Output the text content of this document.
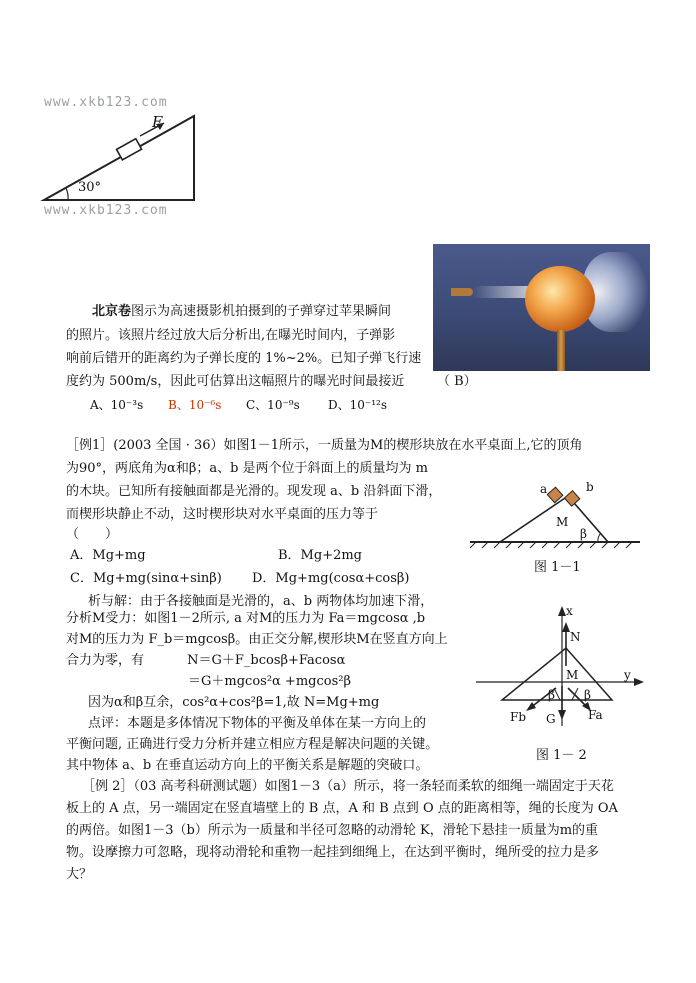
www.xkb123.com
F
30°
www.xkb123.com
北京卷图示为高速摄影机拍摄到的子弹穿过苹果瞬间
的照片。该照片经过放大后分析出,在曝光时间内，子弹影
响前后错开的距离约为子弹长度的 1%~2%。已知子弹飞行速
度约为 500m/s，因此可估算出这幅照片的曝光时间最接近	（ B）
A、10⁻³s B、10⁻⁶s C、10⁻⁹s D、10⁻¹²s
［例1］(2003 全国 · 36）如图1－1所示，一质量为M的楔形块放在水平桌面上,它的顶角
为90°，两底角为α和β；a、b 是两个位于斜面上的质量均为 m
的木块。已知所有接触面都是光滑的。现发现 a、b 沿斜面下滑，
而楔形块静止不动，这时楔形块对水平桌面的压力等于
（　　）
A．Mg+mg	B．Mg+2mg
C．Mg+mg(sinα+sinβ) D．Mg+mg(cosα+cosβ)
析与解：由于各接触面是光滑的，a、b 两物体均加速下滑，
分析M受力：如图1－2所示, a 对M的压力为 Fa＝mgcosα ,b
对M的压力为 F_b＝mgcosβ。由正交分解,楔形块M在竖直方向上
合力为零，有　　　 N＝G＋F_bcosβ+Facosα
＝G＋mgcos²α +mgcos²β
因为α和β互余，cos²α+cos²β=1,故 N=Mg+mg
点评：本题是多体情况下物体的平衡及单体在某一方向上的
平衡问题, 正确进行受力分析并建立相应方程是解决问题的关键。
其中物体 a、b 在垂直运动方向上的平衡关系是解题的突破口。
a	b
M
β
图 1－1
x
y
N
M
β β
Fb G	Fa
图 1－ 2
［例 2］（03 高考科研测试题）如图1－3（a）所示，将一条轻而柔软的细绳一端固定于天花
板上的 A 点，另一端固定在竖直墙壁上的 B 点，A 和 B 点到 O 点的距离相等，绳的长度为 OA
的两倍。如图1－3（b）所示为一质量和半径可忽略的动滑轮 K，滑轮下悬挂一质量为m的重
物。设摩擦力可忽略，现将动滑轮和重物一起挂到细绳上，在达到平衡时，绳所受的拉力是多
大？
